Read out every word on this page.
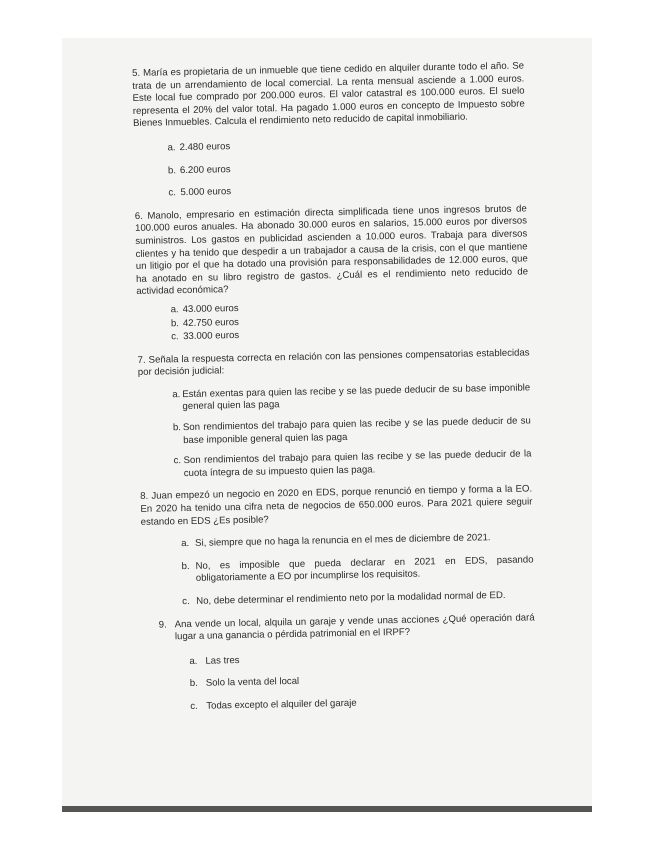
5. María es propietaria de un inmueble que tiene cedido en alquiler durante todo el año. Se trata de un arrendamiento de local comercial. La renta mensual asciende a 1.000 euros. Este local fue comprado por 200.000 euros. El valor catastral es 100.000 euros. El suelo representa el 20% del valor total. Ha pagado 1.000 euros en concepto de Impuesto sobre Bienes Inmuebles. Calcula el rendimiento neto reducido de capital inmobiliario.

a. 2.480 euros
b. 6.200 euros
c. 5.000 euros

6. Manolo, empresario en estimación directa simplificada tiene unos ingresos brutos de 100.000 euros anuales. Ha abonado 30.000 euros en salarios, 15.000 euros por diversos suministros. Los gastos en publicidad ascienden a 10.000 euros. Trabaja para diversos clientes y ha tenido que despedir a un trabajador a causa de la crisis, con el que mantiene un litigio por el que ha dotado una provisión para responsabilidades de 12.000 euros, que ha anotado en su libro registro de gastos. ¿Cuál es el rendimiento neto reducido de actividad económica?

a. 43.000 euros
b. 42.750 euros
c. 33.000 euros

7. Señala la respuesta correcta en relación con las pensiones compensatorias establecidas por decisión judicial:

a. Están exentas para quien las recibe y se las puede deducir de su base imponible general quien las paga
b. Son rendimientos del trabajo para quien las recibe y se las puede deducir de su base imponible general quien las paga
c. Son rendimientos del trabajo para quien las recibe y se las puede deducir de la cuota íntegra de su impuesto quien las paga.

8. Juan empezó un negocio en 2020 en EDS, porque renunció en tiempo y forma a la EO. En 2020 ha tenido una cifra neta de negocios de 650.000 euros. Para 2021 quiere seguir estando en EDS ¿Es posible?

a. Si, siempre que no haga la renuncia en el mes de diciembre de 2021.
b. No, es imposible que pueda declarar en 2021 en EDS, pasando obligatoriamente a EO por incumplirse los requisitos.
c. No, debe determinar el rendimiento neto por la modalidad normal de ED.

9. Ana vende un local, alquila un garaje y vende unas acciones ¿Qué operación dará lugar a una ganancia o pérdida patrimonial en el IRPF?

a. Las tres
b. Solo la venta del local
c. Todas excepto el alquiler del garaje
